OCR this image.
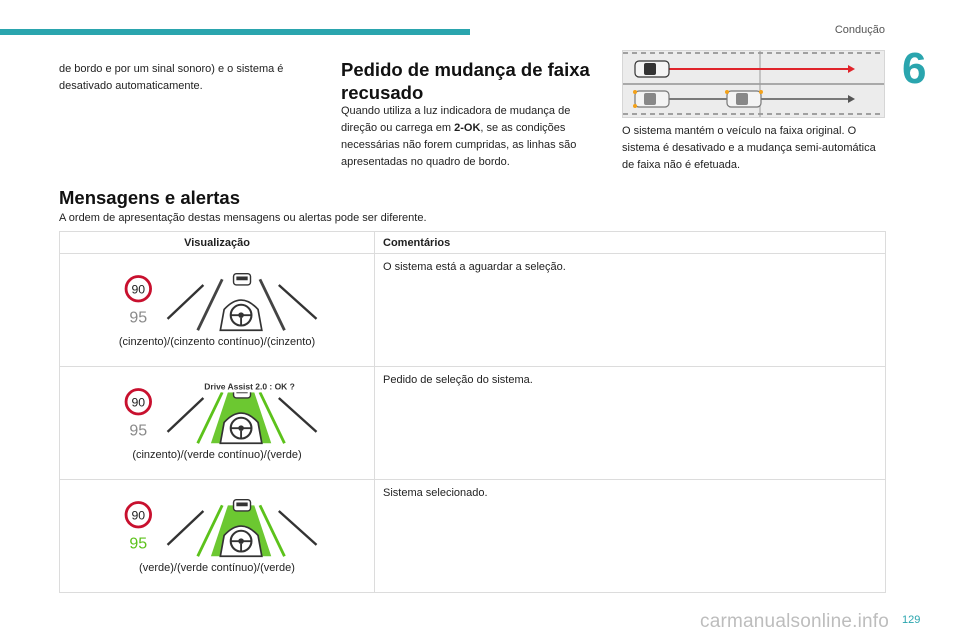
Condução
6
de bordo e por um sinal sonoro) e o sistema é
desativado automaticamente.
Pedido de mudança de faixa
recusado
Quando utiliza a luz indicadora de mudança de
direção ou carrega em 2-OK, se as condições
necessárias não forem cumpridas, as linhas são
apresentadas no quadro de bordo.
O sistema mantém o veículo na faixa original. O
sistema é desativado e a mudança semi-automática
de faixa não é efetuada.
Mensagens e alertas
A ordem de apresentação destas mensagens ou alertas pode ser diferente.
Visualização	Comentários

90
95
(cinzento)/(cinzento contínuo)/(cinzento)	O sistema está a aguardar a seleção.

90
95
Drive Assist 2.0 : OK ?
(cinzento)/(verde contínuo)/(verde)	Pedido de seleção do sistema.

90
95
(verde)/(verde contínuo)/(verde)	Sistema selecionado.
carmanualsonline.info 129
